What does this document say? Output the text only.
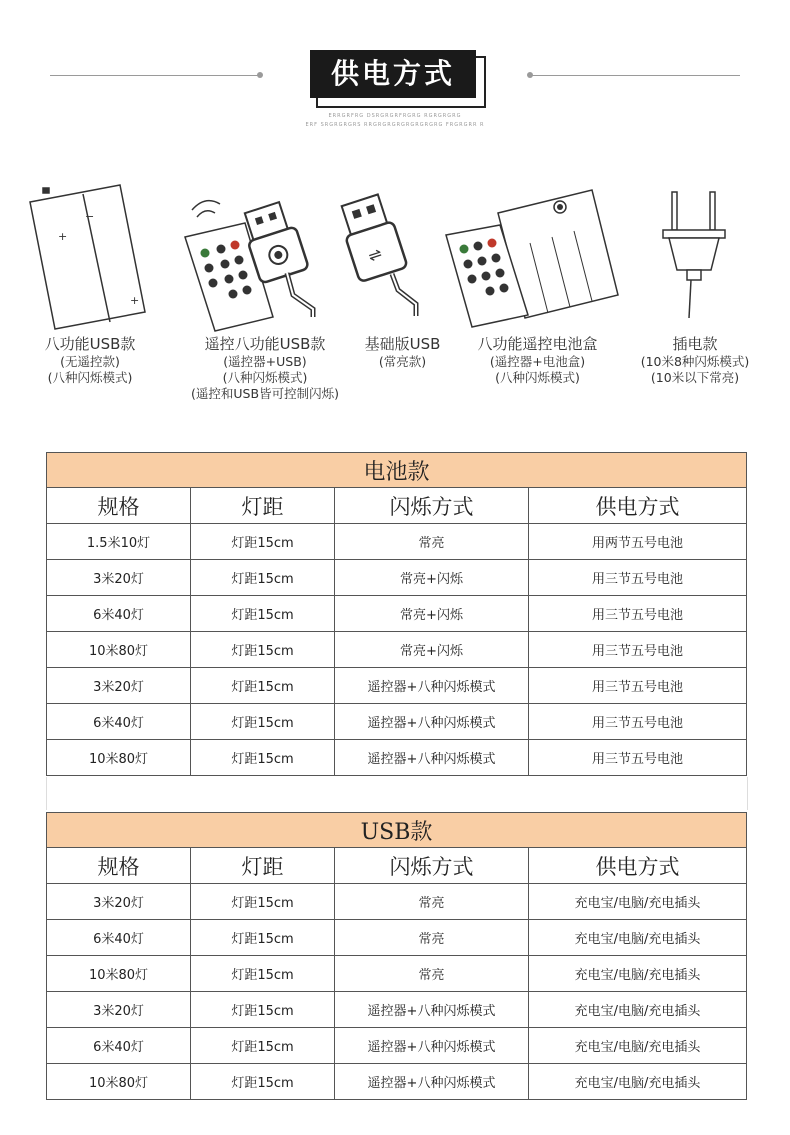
供电方式
ERRGRFRG DSRGRGRFRGRG RGRGRGRG
ERF SRGRGRGRS RRGRGRGRGRGRGRGRG FRGRGRR R
+
−
+
八功能USB款
(无遥控款)
(八种闪烁模式)
遥控八功能USB款
(遥控器+USB)
(八种闪烁模式)
(遥控和USB皆可控制闪烁)
⇌
基础版USB
(常亮款)
八功能遥控电池盒
(遥控器+电池盒)
(八种闪烁模式)
插电款
(10米8种闪烁模式)
(10米以下常亮)
电池款			
规格	灯距	闪烁方式	供电方式
1.5米10灯	灯距15cm	常亮	用两节五号电池
3米20灯	灯距15cm	常亮+闪烁	用三节五号电池
6米40灯	灯距15cm	常亮+闪烁	用三节五号电池
10米80灯	灯距15cm	常亮+闪烁	用三节五号电池
3米20灯	灯距15cm	遥控器+八种闪烁模式	用三节五号电池
6米40灯	灯距15cm	遥控器+八种闪烁模式	用三节五号电池
10米80灯	灯距15cm	遥控器+八种闪烁模式	用三节五号电池
USB款			
规格	灯距	闪烁方式	供电方式
3米20灯	灯距15cm	常亮	充电宝/电脑/充电插头
6米40灯	灯距15cm	常亮	充电宝/电脑/充电插头
10米80灯	灯距15cm	常亮	充电宝/电脑/充电插头
3米20灯	灯距15cm	遥控器+八种闪烁模式	充电宝/电脑/充电插头
6米40灯	灯距15cm	遥控器+八种闪烁模式	充电宝/电脑/充电插头
10米80灯	灯距15cm	遥控器+八种闪烁模式	充电宝/电脑/充电插头
